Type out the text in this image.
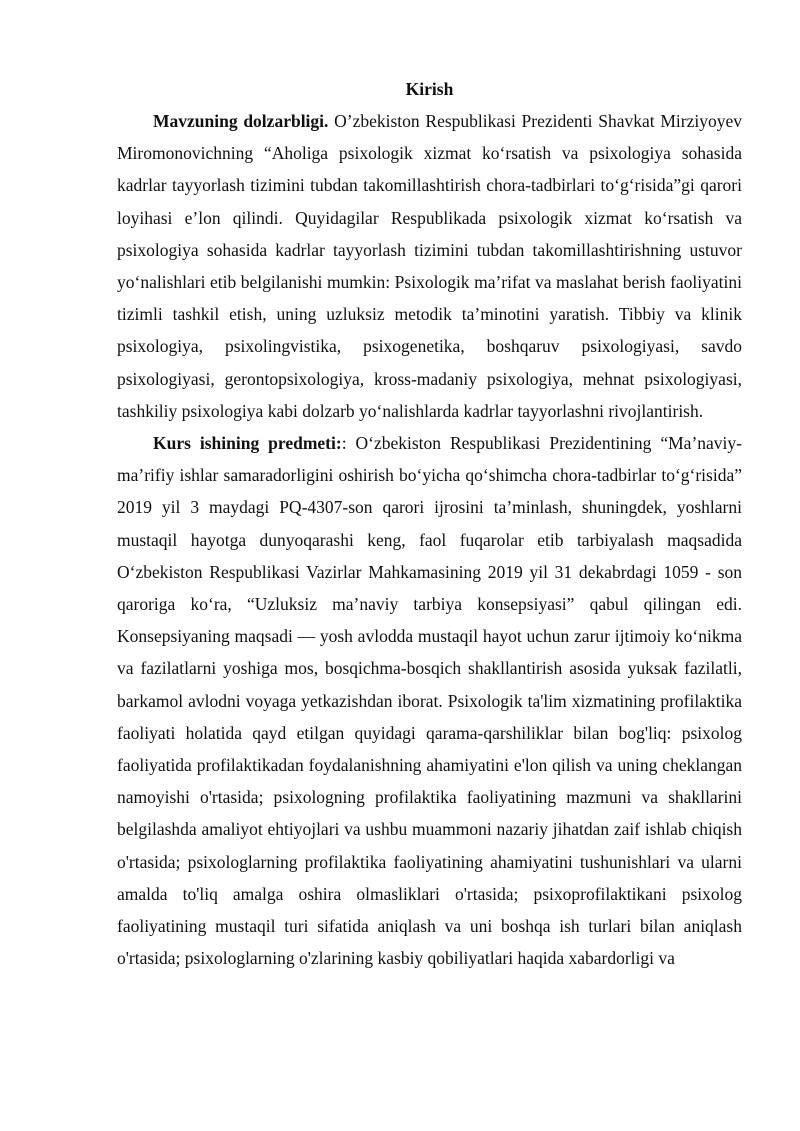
Kirish

Mavzuning dolzarbligi. O’zbekiston Respublikasi Prezidenti Shavkat Mirziyoyev Miromonovichning “Aholiga psixologik xizmat ko‘rsatish va psixologiya sohasida kadrlar tayyorlash tizimini tubdan takomillashtirish chora-tadbirlari to‘g‘risida”gi qarori loyihasi e’lon qilindi. Quyidagilar Respublikada psixologik xizmat ko‘rsatish va psixologiya sohasida kadrlar tayyorlash tizimini tubdan takomillashtirishning ustuvor yo‘nalishlari etib belgilanishi mumkin: Psixologik ma’rifat va maslahat berish faoliyatini tizimli tashkil etish, uning uzluksiz metodik ta’minotini yaratish. Tibbiy va klinik psixologiya, psixolingvistika, psixogenetika, boshqaruv psixologiyasi, savdo psixologiyasi, gerontopsixologiya, kross-madaniy psixologiya, mehnat psixologiyasi, tashkiliy psixologiya kabi dolzarb yo‘nalishlarda kadrlar tayyorlashni rivojlantirish.

Kurs ishining predmeti:: O‘zbekiston Respublikasi Prezidentining “Ma’naviy-ma’rifiy ishlar samaradorligini oshirish bo‘yicha qo‘shimcha chora-tadbirlar to‘g‘risida” 2019 yil 3 maydagi PQ-4307-son qarori ijrosini ta’minlash, shuningdek, yoshlarni mustaqil hayotga dunyoqarashi keng, faol fuqarolar etib tarbiyalash maqsadida O‘zbekiston Respublikasi Vazirlar Mahkamasining 2019 yil 31 dekabrdagi 1059 - son qaroriga ko‘ra, “Uzluksiz ma’naviy tarbiya konsepsiyasi” qabul qilingan edi. Konsepsiyaning maqsadi — yosh avlodda mustaqil hayot uchun zarur ijtimoiy ko‘nikma va fazilatlarni yoshiga mos, bosqichma-bosqich shakllantirish asosida yuksak fazilatli, barkamol avlodni voyaga yetkazishdan iborat. Psixologik ta'lim xizmatining profilaktika faoliyati holatida qayd etilgan quyidagi qarama-qarshiliklar bilan bog'liq: psixolog faoliyatida profilaktikadan foydalanishning ahamiyatini e'lon qilish va uning cheklangan namoyishi o'rtasida; psixologning profilaktika faoliyatining mazmuni va shakllarini belgilashda amaliyot ehtiyojlari va ushbu muammoni nazariy jihatdan zaif ishlab chiqish o'rtasida; psixologlarning profilaktika faoliyatining ahamiyatini tushunishlari va ularni amalda to'liq amalga oshira olmasliklari o'rtasida; psixoprofilaktikani psixolog faoliyatining mustaqil turi sifatida aniqlash va uni boshqa ish turlari bilan aniqlash o'rtasida; psixologlarning o'zlarining kasbiy qobiliyatlari haqida xabardorligi va
